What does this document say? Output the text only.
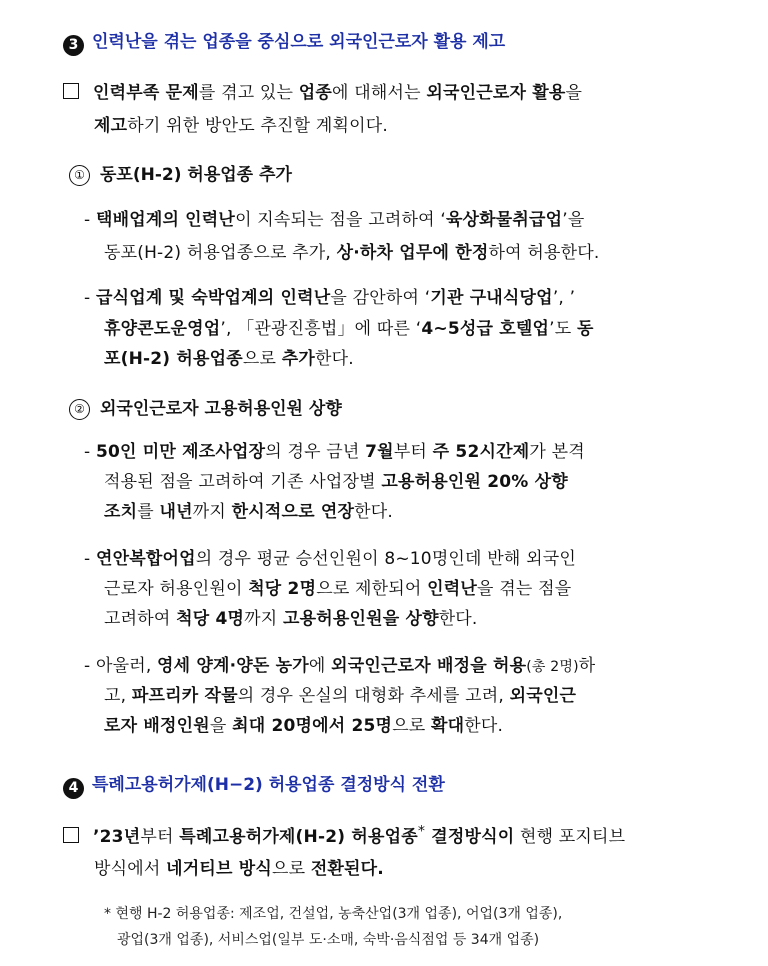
3 인력난을 겪는 업종을 중심으로 외국인근로자 활용 제고
인력부족 문제를 겪고 있는 업종에 대해서는 외국인근로자 활용을
제고하기 위한 방안도 추진할 계획이다.
① 동포(H-2) 허용업종 추가
- 택배업계의 인력난이 지속되는 점을 고려하여 ‘육상화물취급업’을
동포(H-2) 허용업종으로 추가, 상·하차 업무에 한정하여 허용한다.
- 급식업계 및 숙박업계의 인력난을 감안하여 ‘기관 구내식당업’, ’
휴양콘도운영업’, 「관광진흥법」에 따른 ‘4~5성급 호텔업’도 동
포(H-2) 허용업종으로 추가한다.
② 외국인근로자 고용허용인원 상향
- 50인 미만 제조사업장의 경우 금년 7월부터 주 52시간제가 본격
적용된 점을 고려하여 기존 사업장별 고용허용인원 20% 상향
조치를 내년까지 한시적으로 연장한다.
- 연안복합어업의 경우 평균 승선인원이 8~10명인데 반해 외국인
근로자 허용인원이 척당 2명으로 제한되어 인력난을 겪는 점을
고려하여 척당 4명까지 고용허용인원을 상향한다.
- 아울러, 영세 양계·양돈 농가에 외국인근로자 배정을 허용(총 2명)하
고, 파프리카 작물의 경우 온실의 대형화 추세를 고려, 외국인근
로자 배정인원을 최대 20명에서 25명으로 확대한다.
4 특례고용허가제(H−2) 허용업종 결정방식 전환
’23년부터 특례고용허가제(H-2) 허용업종* 결정방식이 현행 포지티브
방식에서 네거티브 방식으로 전환된다.
* 현행 H-2 허용업종: 제조업, 건설업, 농축산업(3개 업종), 어업(3개 업종),
광업(3개 업종), 서비스업(일부 도·소매, 숙박·음식점업 등 34개 업종)
